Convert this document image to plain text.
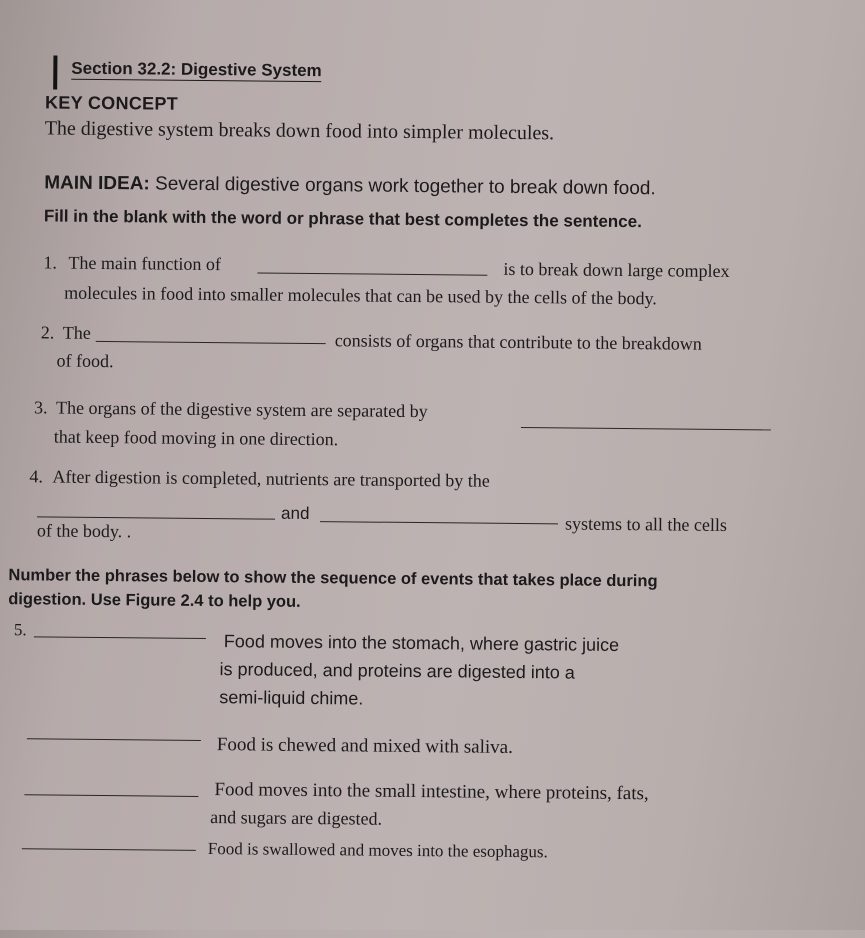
Section 32.2: Digestive System
KEY CONCEPT
The digestive system breaks down food into simpler molecules.
MAIN IDEA: Several digestive organs work together to break down food.
Fill in the blank with the word or phrase that best completes the sentence.
1. The main function of	is to break down large complex
molecules in food into smaller molecules that can be used by the cells of the body.
2. The	consists of organs that contribute to the breakdown
of food.
3. The organs of the digestive system are separated by
that keep food moving in one direction.
4. After digestion is completed, nutrients are transported by the
and
systems to all the cells
of the body. .
Number the phrases below to show the sequence of events that takes place during
digestion. Use Figure 2.4 to help you.
5.
Food moves into the stomach, where gastric juice
is produced, and proteins are digested into a
semi-liquid chime.
Food is chewed and mixed with saliva.
Food moves into the small intestine, where proteins, fats,
and sugars are digested.
Food is swallowed and moves into the esophagus.
